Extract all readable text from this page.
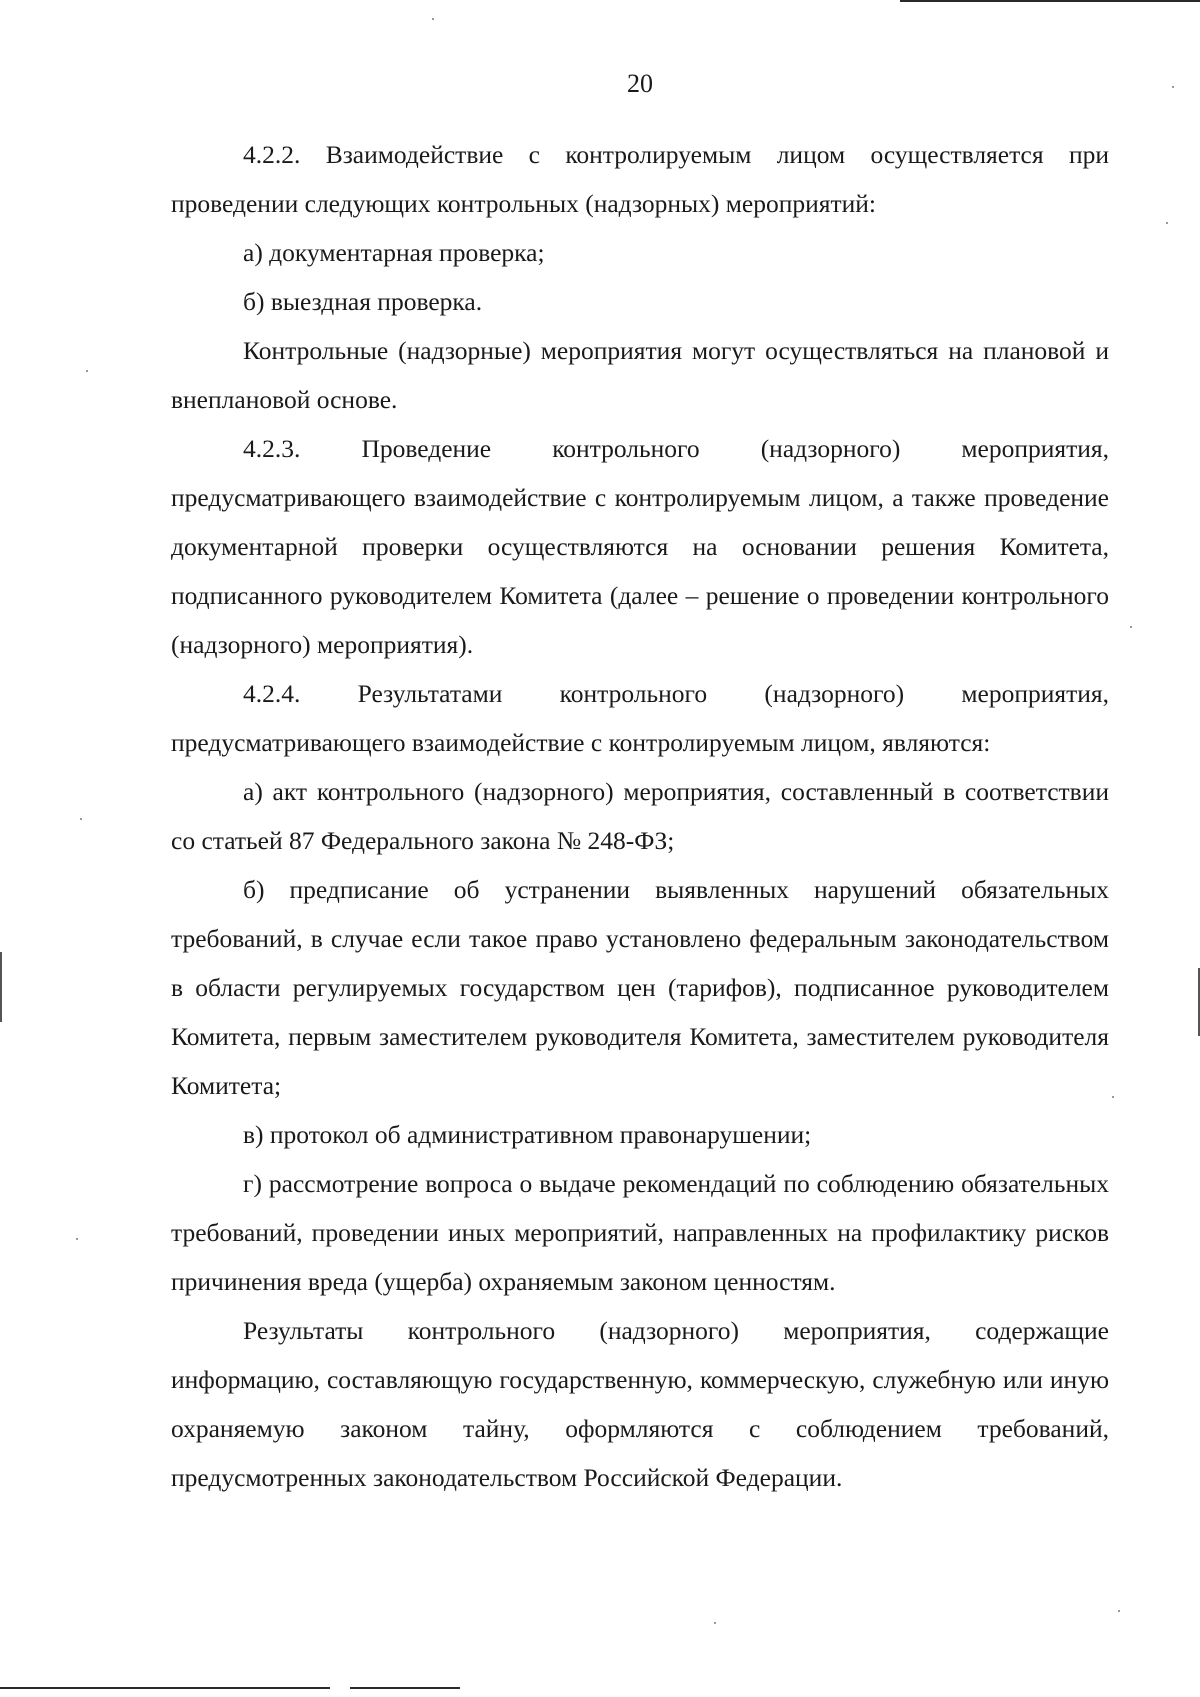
20

4.2.2. Взаимодействие с контролируемым лицом осуществляется при проведении следующих контрольных (надзорных) мероприятий:

а) документарная проверка;

б) выездная проверка.

Контрольные (надзорные) мероприятия могут осуществляться на плановой и внеплановой основе.

4.2.3. Проведение контрольного (надзорного) мероприятия, предусматривающего взаимодействие с контролируемым лицом, а также проведение документарной проверки осуществляются на основании решения Комитета, подписанного руководителем Комитета (далее – решение о проведении контрольного (надзорного) мероприятия).

4.2.4. Результатами контрольного (надзорного) мероприятия, предусматривающего взаимодействие с контролируемым лицом, являются:

а) акт контрольного (надзорного) мероприятия, составленный в соответствии со статьей 87 Федерального закона № 248-ФЗ;

б) предписание об устранении выявленных нарушений обязательных требований, в случае если такое право установлено федеральным законодательством в области регулируемых государством цен (тарифов), подписанное руководителем Комитета, первым заместителем руководителя Комитета, заместителем руководителя Комитета;

в) протокол об административном правонарушении;

г) рассмотрение вопроса о выдаче рекомендаций по соблюдению обязательных требований, проведении иных мероприятий, направленных на профилактику рисков причинения вреда (ущерба) охраняемым законом ценностям.

Результаты контрольного (надзорного) мероприятия, содержащие информацию, составляющую государственную, коммерческую, служебную или иную охраняемую законом тайну, оформляются с соблюдением требований, предусмотренных законодательством Российской Федерации.
